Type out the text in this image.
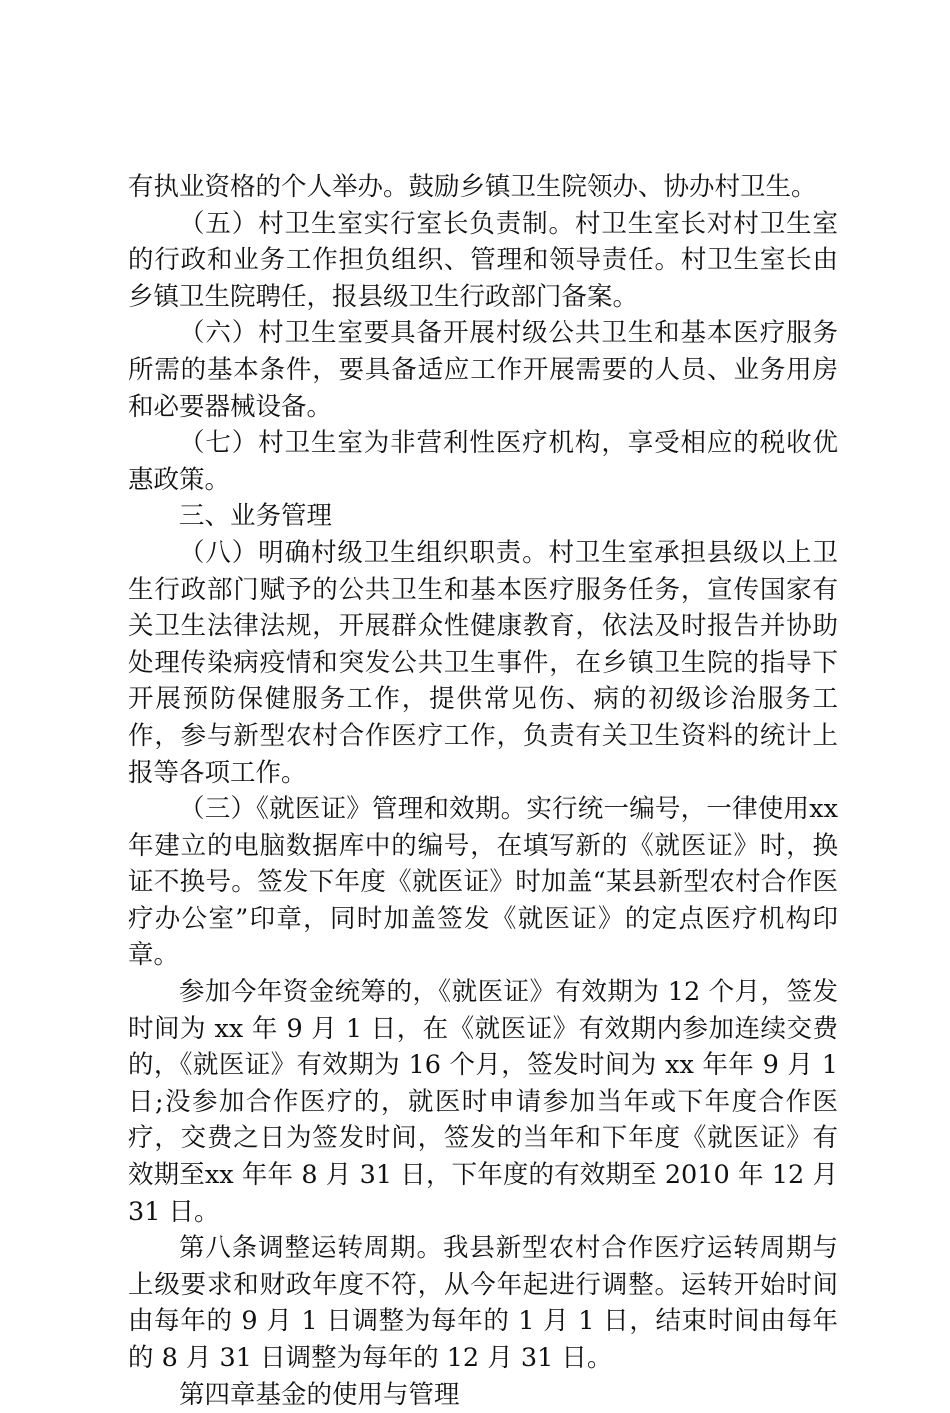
有执业资格的个人举办。鼓励乡镇卫生院领办、协办村卫生。

（五）村卫生室实行室长负责制。村卫生室长对村卫生室的行政和业务工作担负组织、管理和领导责任。村卫生室长由乡镇卫生院聘任，报县级卫生行政部门备案。

（六）村卫生室要具备开展村级公共卫生和基本医疗服务所需的基本条件，要具备适应工作开展需要的人员、业务用房和必要器械设备。

（七）村卫生室为非营利性医疗机构，享受相应的税收优惠政策。

三、业务管理

（八）明确村级卫生组织职责。村卫生室承担县级以上卫生行政部门赋予的公共卫生和基本医疗服务任务，宣传国家有关卫生法律法规，开展群众性健康教育，依法及时报告并协助处理传染病疫情和突发公共卫生事件，在乡镇卫生院的指导下开展预防保健服务工作，提供常见伤、病的初级诊治服务工作，参与新型农村合作医疗工作，负责有关卫生资料的统计上报等各项工作。

（三）《就医证》管理和效期。实行统一编号，一律使用xx 年建立的电脑数据库中的编号，在填写新的《就医证》时，换证不换号。签发下年度《就医证》时加盖“某县新型农村合作医疗办公室”印章，同时加盖签发《就医证》的定点医疗机构印章。

参加今年资金统筹的，《就医证》有效期为 12 个月，签发时间为 xx 年 9 月 1 日，在《就医证》有效期内参加连续交费的，《就医证》有效期为 16 个月，签发时间为 xx 年年 9 月 1 日;没参加合作医疗的，就医时申请参加当年或下年度合作医疗，交费之日为签发时间，签发的当年和下年度《就医证》有效期至xx 年年 8 月 31 日，下年度的有效期至 2010 年 12 月 31 日。

第八条调整运转周期。我县新型农村合作医疗运转周期与上级要求和财政年度不符，从今年起进行调整。运转开始时间由每年的 9 月 1 日调整为每年的 1 月 1 日，结束时间由每年的 8 月 31 日调整为每年的 12 月 31 日。

第四章基金的使用与管理
